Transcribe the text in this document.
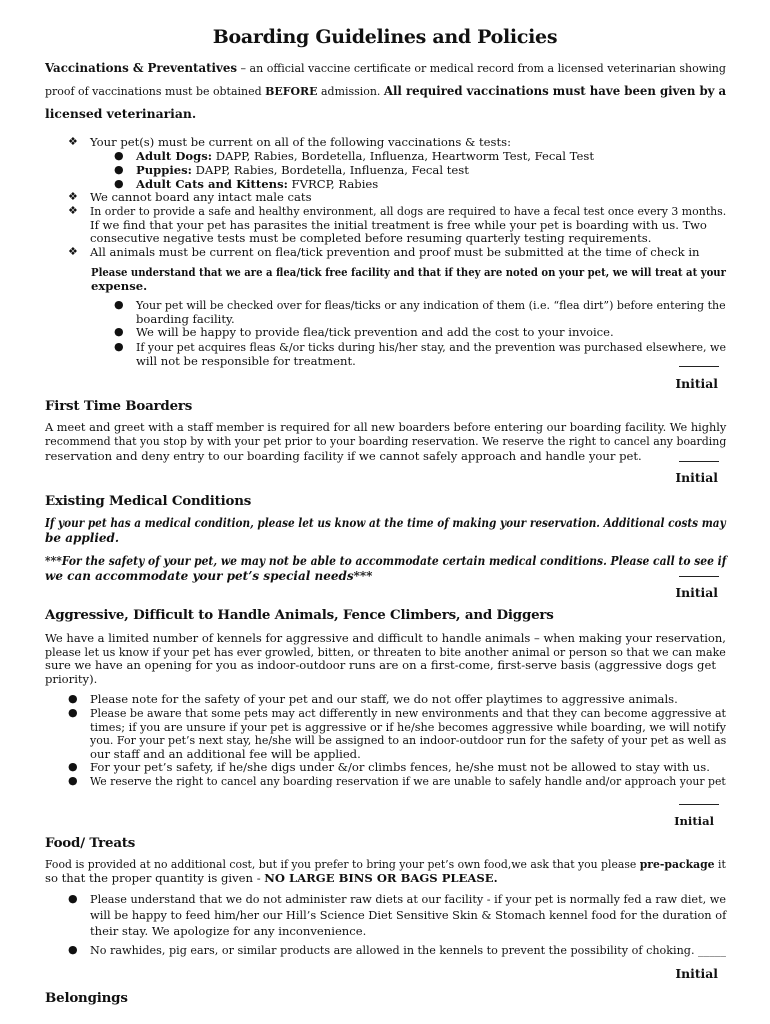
Boarding Guidelines and Policies
Vaccinations & Preventatives – an official vaccine certificate or medical record from a licensed veterinarian showing
proof of vaccinations must be obtained BEFORE admission. All required vaccinations must have been given by a
licensed veterinarian.
❖ Your pet(s) must be current on all of the following vaccinations & tests:
● Adult Dogs: DAPP, Rabies, Bordetella, Influenza, Heartworm Test, Fecal Test
● Puppies: DAPP, Rabies, Bordetella, Influenza, Fecal test
● Adult Cats and Kittens: FVRCP, Rabies
❖ We cannot board any intact male cats
❖ In order to provide a safe and healthy environment, all dogs are required to have a fecal test once every 3 months.
If we find that your pet has parasites the initial treatment is free while your pet is boarding with us. Two
consecutive negative tests must be completed before resuming quarterly testing requirements.
❖ All animals must be current on flea/tick prevention and proof must be submitted at the time of check in
Please understand that we are a flea/tick free facility and that if they are noted on your pet, we will treat at your
expense.
● Your pet will be checked over for fleas/ticks or any indication of them (i.e. “flea dirt”) before entering the
boarding facility.
● We will be happy to provide flea/tick prevention and add the cost to your invoice.
● If your pet acquires fleas &/or ticks during his/her stay, and the prevention was purchased elsewhere, we
will not be responsible for treatment.
Initial
First Time Boarders
A meet and greet with a staff member is required for all new boarders before entering our boarding facility. We highly
recommend that you stop by with your pet prior to your boarding reservation. We reserve the right to cancel any boarding
reservation and deny entry to our boarding facility if we cannot safely approach and handle your pet.
Initial
Existing Medical Conditions
If your pet has a medical condition, please let us know at the time of making your reservation. Additional costs may
be applied.
***For the safety of your pet, we may not be able to accommodate certain medical conditions. Please call to see if
we can accommodate your pet’s special needs***
Initial
Aggressive, Difficult to Handle Animals, Fence Climbers, and Diggers
We have a limited number of kennels for aggressive and difficult to handle animals – when making your reservation,
please let us know if your pet has ever growled, bitten, or threaten to bite another animal or person so that we can make
sure we have an opening for you as indoor-outdoor runs are on a first-come, first-serve basis (aggressive dogs get
priority).
● Please note for the safety of your pet and our staff, we do not offer playtimes to aggressive animals.
● Please be aware that some pets may act differently in new environments and that they can become aggressive at
times; if you are unsure if your pet is aggressive or if he/she becomes aggressive while boarding, we will notify
you. For your pet’s next stay, he/she will be assigned to an indoor-outdoor run for the safety of your pet as well as
our staff and an additional fee will be applied.
● For your pet’s safety, if he/she digs under &/or climbs fences, he/she must not be allowed to stay with us.
● We reserve the right to cancel any boarding reservation if we are unable to safely handle and/or approach your pet
Initial
Food/ Treats
Food is provided at no additional cost, but if you prefer to bring your pet’s own food,we ask that you please pre-package it
so that the proper quantity is given - NO LARGE BINS OR BAGS PLEASE.
● Please understand that we do not administer raw diets at our facility - if your pet is normally fed a raw diet, we
will be happy to feed him/her our Hill’s Science Diet Sensitive Skin & Stomach kennel food for the duration of
their stay. We apologize for any inconvenience.
● No rawhides, pig ears, or similar products are allowed in the kennels to prevent the possibility of choking. _____
Initial
Belongings
